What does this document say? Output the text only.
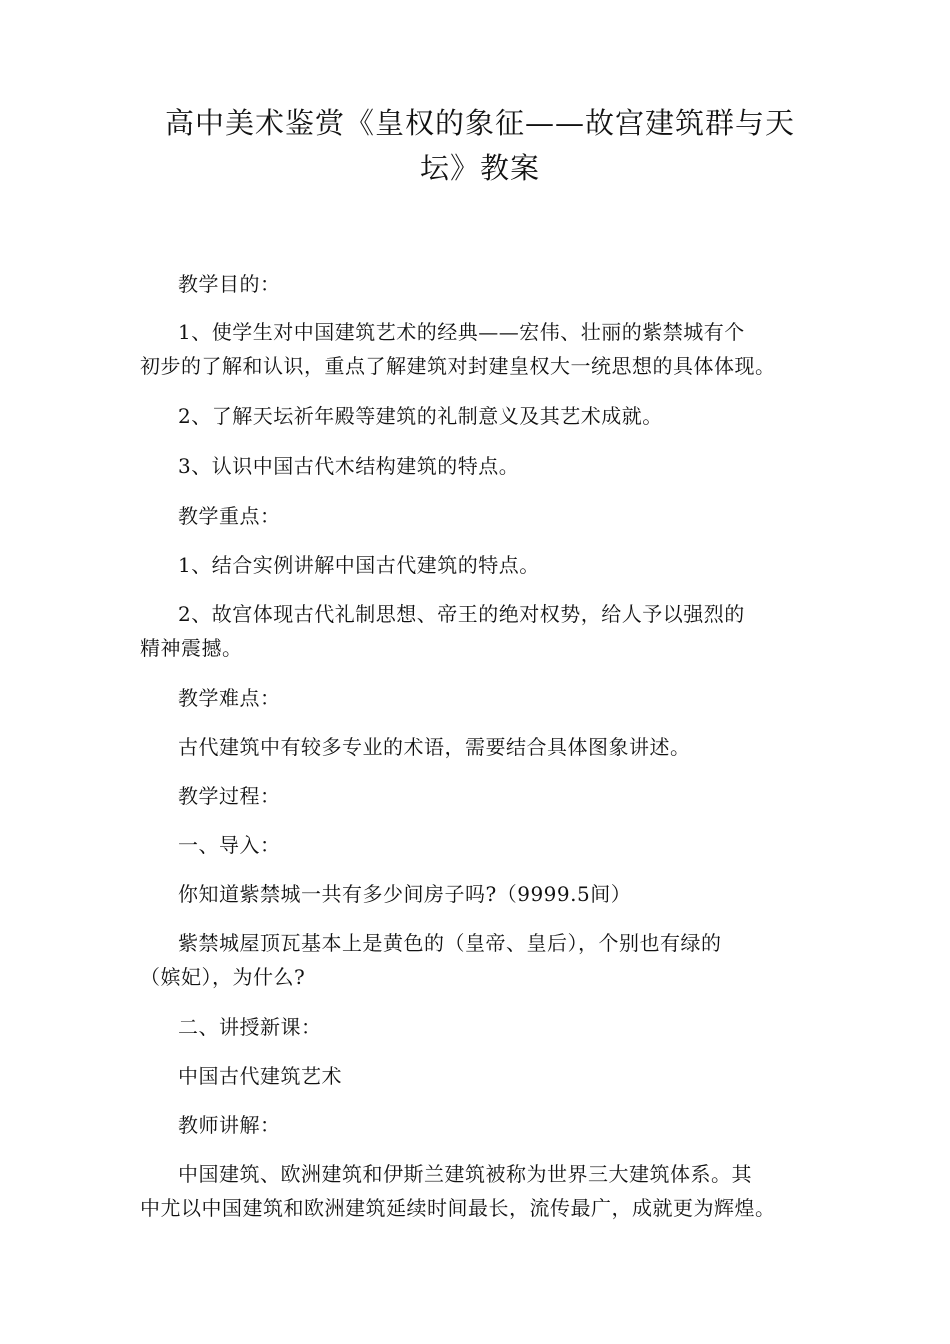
高中美术鉴赏《皇权的象征——故宫建筑群与天
坛》教案
教学目的：
1、使学生对中国建筑艺术的经典——宏伟、壮丽的紫禁城有个
初步的了解和认识，重点了解建筑对封建皇权大一统思想的具体体现。
2、了解天坛祈年殿等建筑的礼制意义及其艺术成就。
3、认识中国古代木结构建筑的特点。
教学重点：
1、结合实例讲解中国古代建筑的特点。
2、故宫体现古代礼制思想、帝王的绝对权势，给人予以强烈的
精神震撼。
教学难点：
古代建筑中有较多专业的术语，需要结合具体图象讲述。
教学过程：
一、导入：
你知道紫禁城一共有多少间房子吗?（9999.5间）
紫禁城屋顶瓦基本上是黄色的（皇帝、皇后），个别也有绿的
（嫔妃），为什么?
二、讲授新课：
中国古代建筑艺术
教师讲解：
中国建筑、欧洲建筑和伊斯兰建筑被称为世界三大建筑体系。其
中尤以中国建筑和欧洲建筑延续时间最长，流传最广，成就更为辉煌。
